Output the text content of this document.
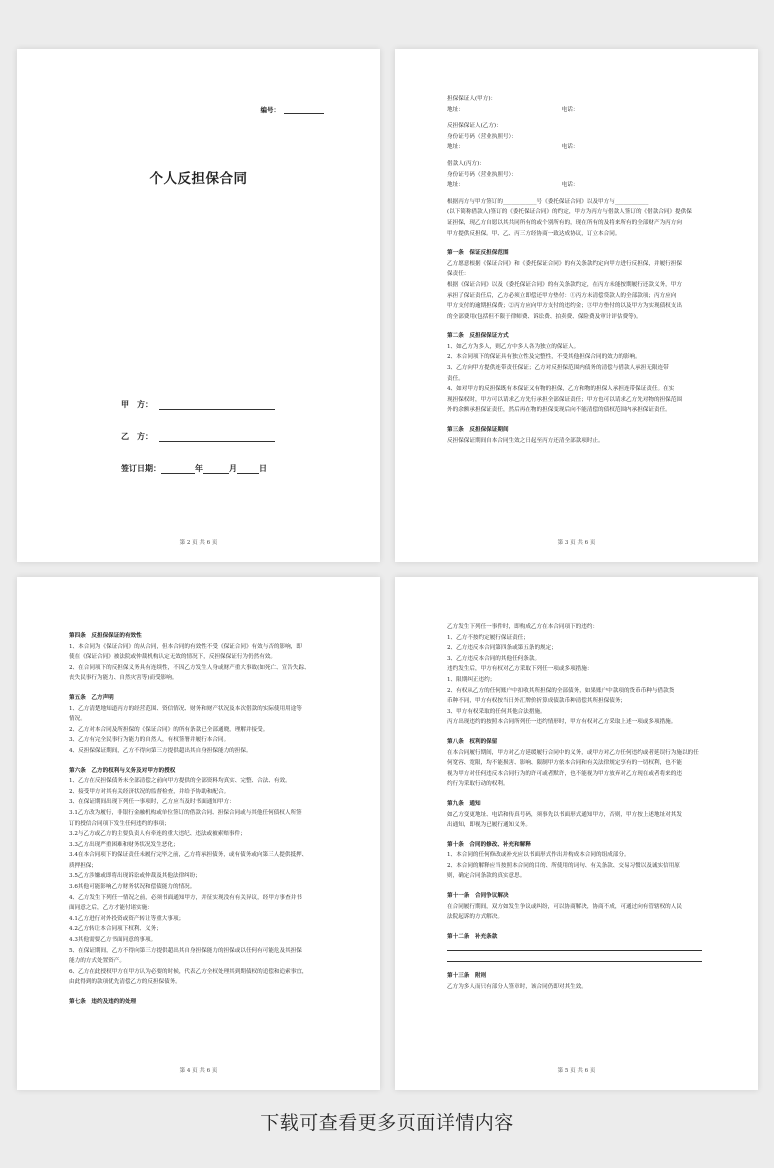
编号：
个人反担保合同
甲　方：
乙　方：
签订日期：	年	月	日
第 2 页 共 6 页
担保保证人(甲方)：
地址：　　　　　　　　　　　　　　　　　　电话：
反担保保证人(乙方)：
身份证号码（营业执照号）：
地址：　　　　　　　　　　　　　　　　　　电话：
借款人(丙方)：
身份证号码（营业执照号）：
地址：　　　　　　　　　　　　　　　　　　电话：
根据丙方与甲方签订的____________号《委托保证合同》以及甲方与____________
(以下简称借款人)签订的《委托保证合同》的约定，甲方为丙方与借款人签订的《借款合同》提供保
证担保，现乙方自愿以其共同所有的或个别所有的，现在所有的及将来所有的全部财产为丙方向
甲方提供反担保。甲、乙、丙三方经协商一致达成协议，订立本合同。
第一条　保证反担保范围
乙方愿意根据《保证合同》和《委托保证合同》的有关条款约定向甲方进行反担保，并履行担保
保责任：
根据《保证合同》以及《委托保证合同》的有关条款约定，在丙方未能按期履行还款义务，甲方
承担了保证责任后，乙方必须立即偿还甲方垫付：①丙方未清偿贷款人的全部款项；丙方应向
甲方支付的逾期担保费；②丙方应向甲方支付的违约金；③甲方垫付的以及甲方为实现债权支出
的全部费用(包括但不限于律师费、诉讼费、拍卖费、保险费及审计评估费等)。
第二条　反担保保证方式
1、如乙方为多人，则乙方中多人各为独立的保证人。
2、本合同项下的保证具有独立性及完整性，不受其他担保合同的效力的影响。
3、乙方向甲方提供连带责任保证；乙方对反担保范围内债务的清偿与借款人承担无限连带
责任。
4、如对甲方的反担保既有本保证又有物的担保，乙方和物的担保人承担连带保证责任。在实
现担保权时，甲方可以请求乙方先行承担全部保证责任；甲方也可以请求乙方先对物的担保范围
外的余额承担保证责任，然后再在物的担保变现后向不能清偿的债权范围内承担保证责任。
第三条　反担保保证期间
反担保保证期间自本合同生效之日起至丙方还清全部款项时止。
第 3 页 共 6 页
第四条　反担保保证的有效性
1、本合同为《保证合同》的从合同，但本合同的有效性不受《保证合同》有效与否的影响，即
使在《保证合同》被法院或仲裁机构认定无效的情况下，反担保保证行为仍然有效。
2、在合同项下的反担保义务具有连续性，不因乙方发生人身或财产重大事故(如死亡、宣告失踪、
丧失民事行为能力、自然灾害等)而受影响。
第五条　乙方声明
1、乙方清楚地知道丙方的经营范围、资信情况、财务和财产状况及本次借款的实际使用用途等
情况。
2、乙方对本合同及所担保的《保证合同》的所有条款已全部通晓，理解并接受。
3、乙方有完全民事行为能力的自然人，有权签署并履行本合同。
4、反担保保证期间，乙方不得向第三方提供超出其自身担保能力的担保。
第六条　乙方的权利与义务及对甲方的授权
1、乙方在反担保债务未全部清偿之前向甲方提供的全部资料均真实、完整、合法、有效。
2、接受甲方对其有关经济状况的监督检查，并给予协助和配合。
3、在保证期间出现下列任一事项时，乙方应当及时书面通知甲方：
3.1乙方改为履行，非银行金融机构或单位签订的借款合同、担保合同或与其他任何债权人所签
订的授信合同项下发生任何违约的事项；
3.2与乙方或乙方的主要负责人有牵连的重大违纪、违法或被索赔事件；
3.3乙方出现严重困难和财务状况发生恶化；
3.4在本合同项下的保证责任未履行完毕之前，乙方将承担债务，或有债务或向第三人提供抵押、
质押担保；
3.5乙方涉嫌或即将出现诉讼或仲裁及其他法律纠纷；
3.6其他可能影响乙方财务状况和偿债能力的情况。
4、乙方发生下列任一情况之前，必须书面通知甲方，并征实现没有有关异议，经甲方事查并书
面同意之后，乙方才能付诸实施：
4.1乙方进行对外投资或资产转让等重大事项；
4.2乙方转让本合同项下权利、义务；
4.3其他需要乙方书面同意的事项。
5、在保证期间，乙方不得向第三方提供超出其自身担保能力的担保或以任何有可能危及其担保
能力的方式处置资产。
6、乙方在此授权甲方在甲方认为必要的时候，代表乙方全权处理其到期债权的追偿和追索事宜，
由此得到的款项优先清偿乙方的反担保债务。
第七条　违约及违约的处理
第 4 页 共 6 页
乙方发生下列任一事件时，即构成乙方在本合同项下的违约：
1、乙方不按约定履行保证责任；
2、乙方违反本合同第四条或第五条的规定；
3、乙方违反本合同的其他任何条款。
违约发生后，甲方有权对乙方采取下列任一项或多项措施：
1、限期纠正违约；
2、有权从乙方的任何账户中扣收其所担保的全部债务，如果账户中款项的货币币种与借款货
币种不同，甲方有权按当日外汇牌价折算成债款币种清偿其所担保债务；
3、甲方有权采取的任何其他合法措施。
丙方出现违约的按照本合同所列任一违约情形时，甲方有权对乙方采取上述一项或多项措施。
第八条　权利的保留
在本合同履行期间，甲方对乙方延缓履行合同中的义务，或甲方对乙方任何违约或者延误行为施以的任
何宽容、宽限，均不能损害、影响、限制甲方依本合同和有关法律规定享有的一切权利，也不能
视为甲方对任何违反本合同行为的许可或者默许，也不能视为甲方放弃对乙方现在或者将来的违
约行为采取行动的权利。
第九条　通知
如乙方变更地址、电话和传真号码，须事先以书面形式通知甲方，否则，甲方按上述地址对其发
出通知，即视为已履行通知义务。
第十条　合同的修改、补充和解释
1、本合同的任何修改或补充应以书面形式作出并构成本合同的组成部分。
2、本合同的解释应当按照本合同的目的、所使用的词句、有关条款、交易习惯以及诚实信用原
则，确定合同条款的真实意思。
第十一条　合同争议解决
在合同履行期间，双方如发生争议或纠纷，可以协商解决，协商不成，可通过向有管辖权的人民
法院起诉的方式解决。
第十二条　补充条款
第十三条　附则
乙方为多人而只有部分人签章时，该合同仍即对其生效。
第 5 页 共 6 页
下载可查看更多页面详情内容
